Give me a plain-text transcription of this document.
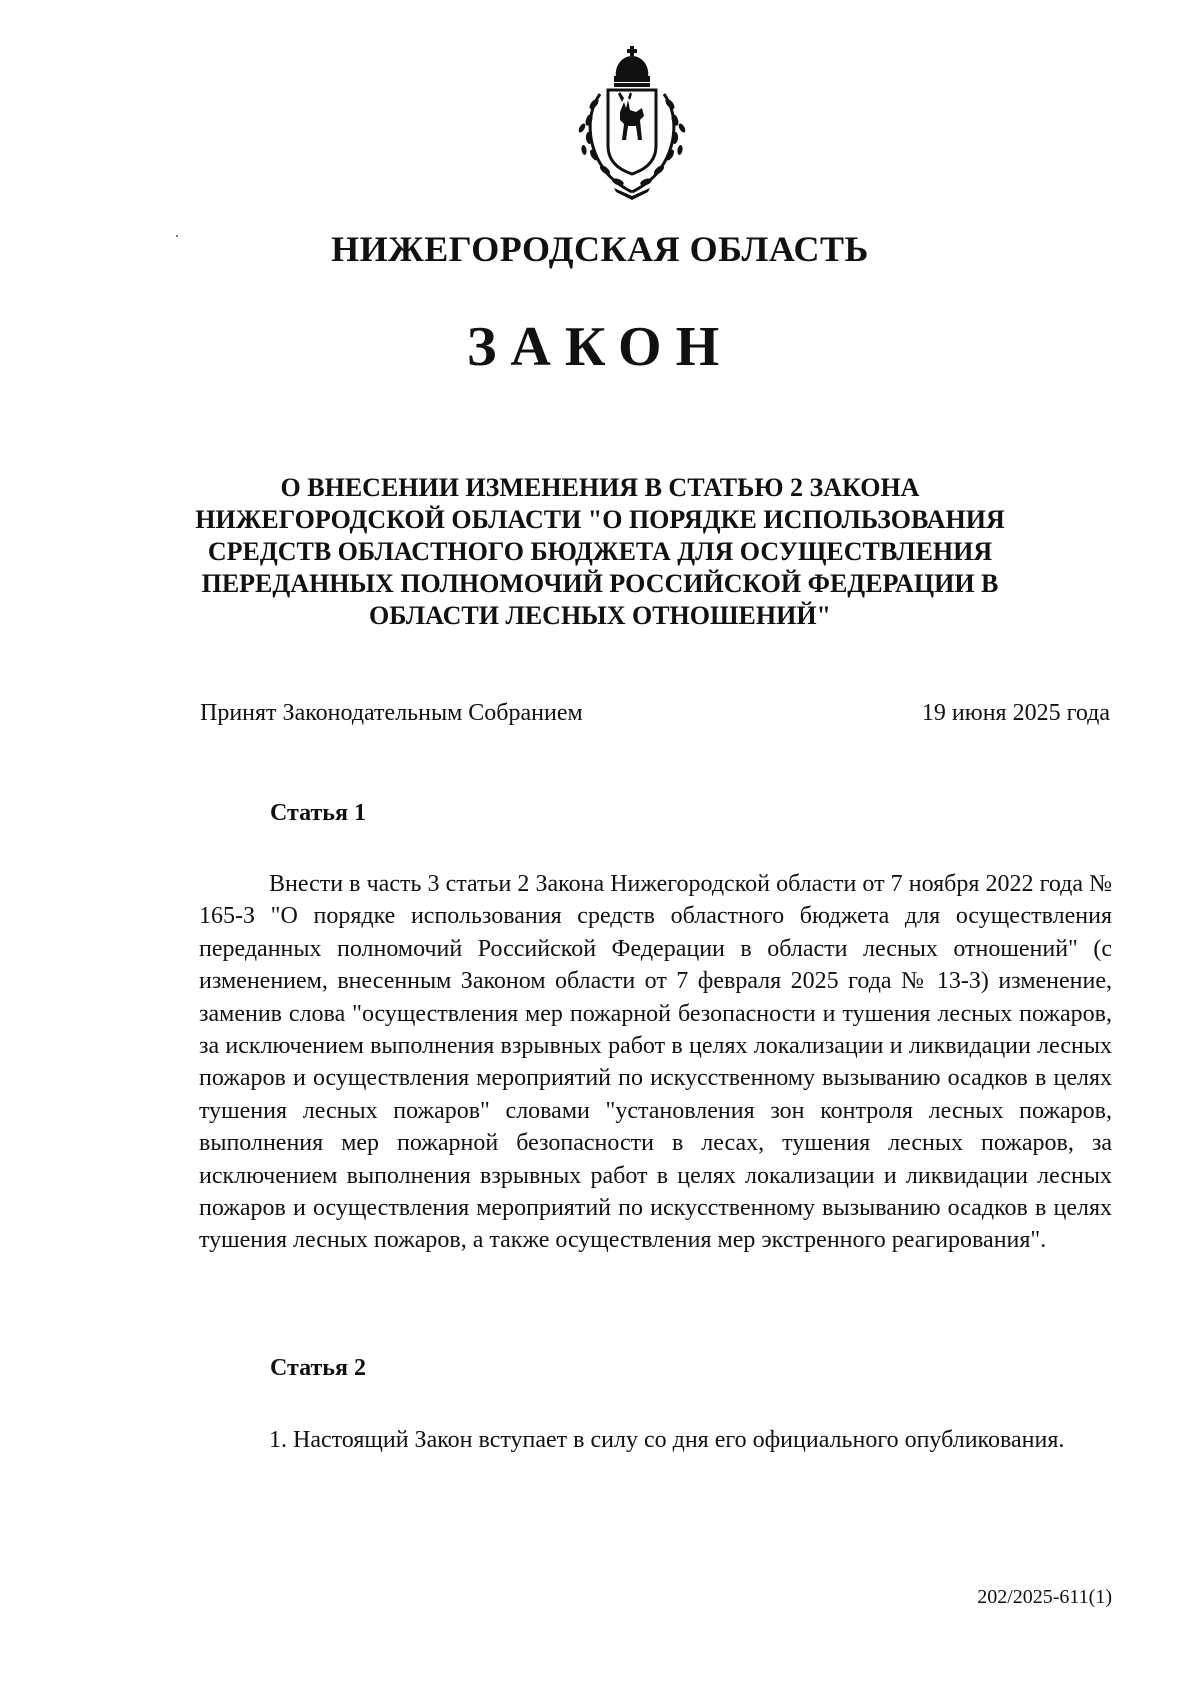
НИЖЕГОРОДСКАЯ ОБЛАСТЬ
ЗАКОН
О ВНЕСЕНИИ ИЗМЕНЕНИЯ В СТАТЬЮ 2 ЗАКОНА НИЖЕГОРОДСКОЙ ОБЛАСТИ "О ПОРЯДКЕ ИСПОЛЬЗОВАНИЯ СРЕДСТВ ОБЛАСТНОГО БЮДЖЕТА ДЛЯ ОСУЩЕСТВЛЕНИЯ ПЕРЕДАННЫХ ПОЛНОМОЧИЙ РОССИЙСКОЙ ФЕДЕРАЦИИ В ОБЛАСТИ ЛЕСНЫХ ОТНОШЕНИЙ"
Принят Законодательным Собранием	19 июня 2025 года
Статья 1

Внести в часть 3 статьи 2 Закона Нижегородской области от 7 ноября 2022 года № 165-З "О порядке использования средств областного бюджета для осуществления переданных полномочий Российской Федерации в области лесных отношений" (с изменением, внесенным Законом области от 7 февраля 2025 года № 13-З) изменение, заменив слова "осуществления мер пожарной безопасности и тушения лесных пожаров, за исключением выполнения взрывных работ в целях локализации и ликвидации лесных пожаров и осуществления мероприятий по искусственному вызыванию осадков в целях тушения лесных пожаров" словами "установления зон контроля лесных пожаров, выполнения мер пожарной безопасности в лесах, тушения лесных пожаров, за исключением выполнения взрывных работ в целях локализации и ликвидации лесных пожаров и осуществления мероприятий по искусственному вызыванию осадков в целях тушения лесных пожаров, а также осуществления мер экстренного реагирования".

Статья 2

1. Настоящий Закон вступает в силу со дня его официального опубликования.

202/2025-611(1)
